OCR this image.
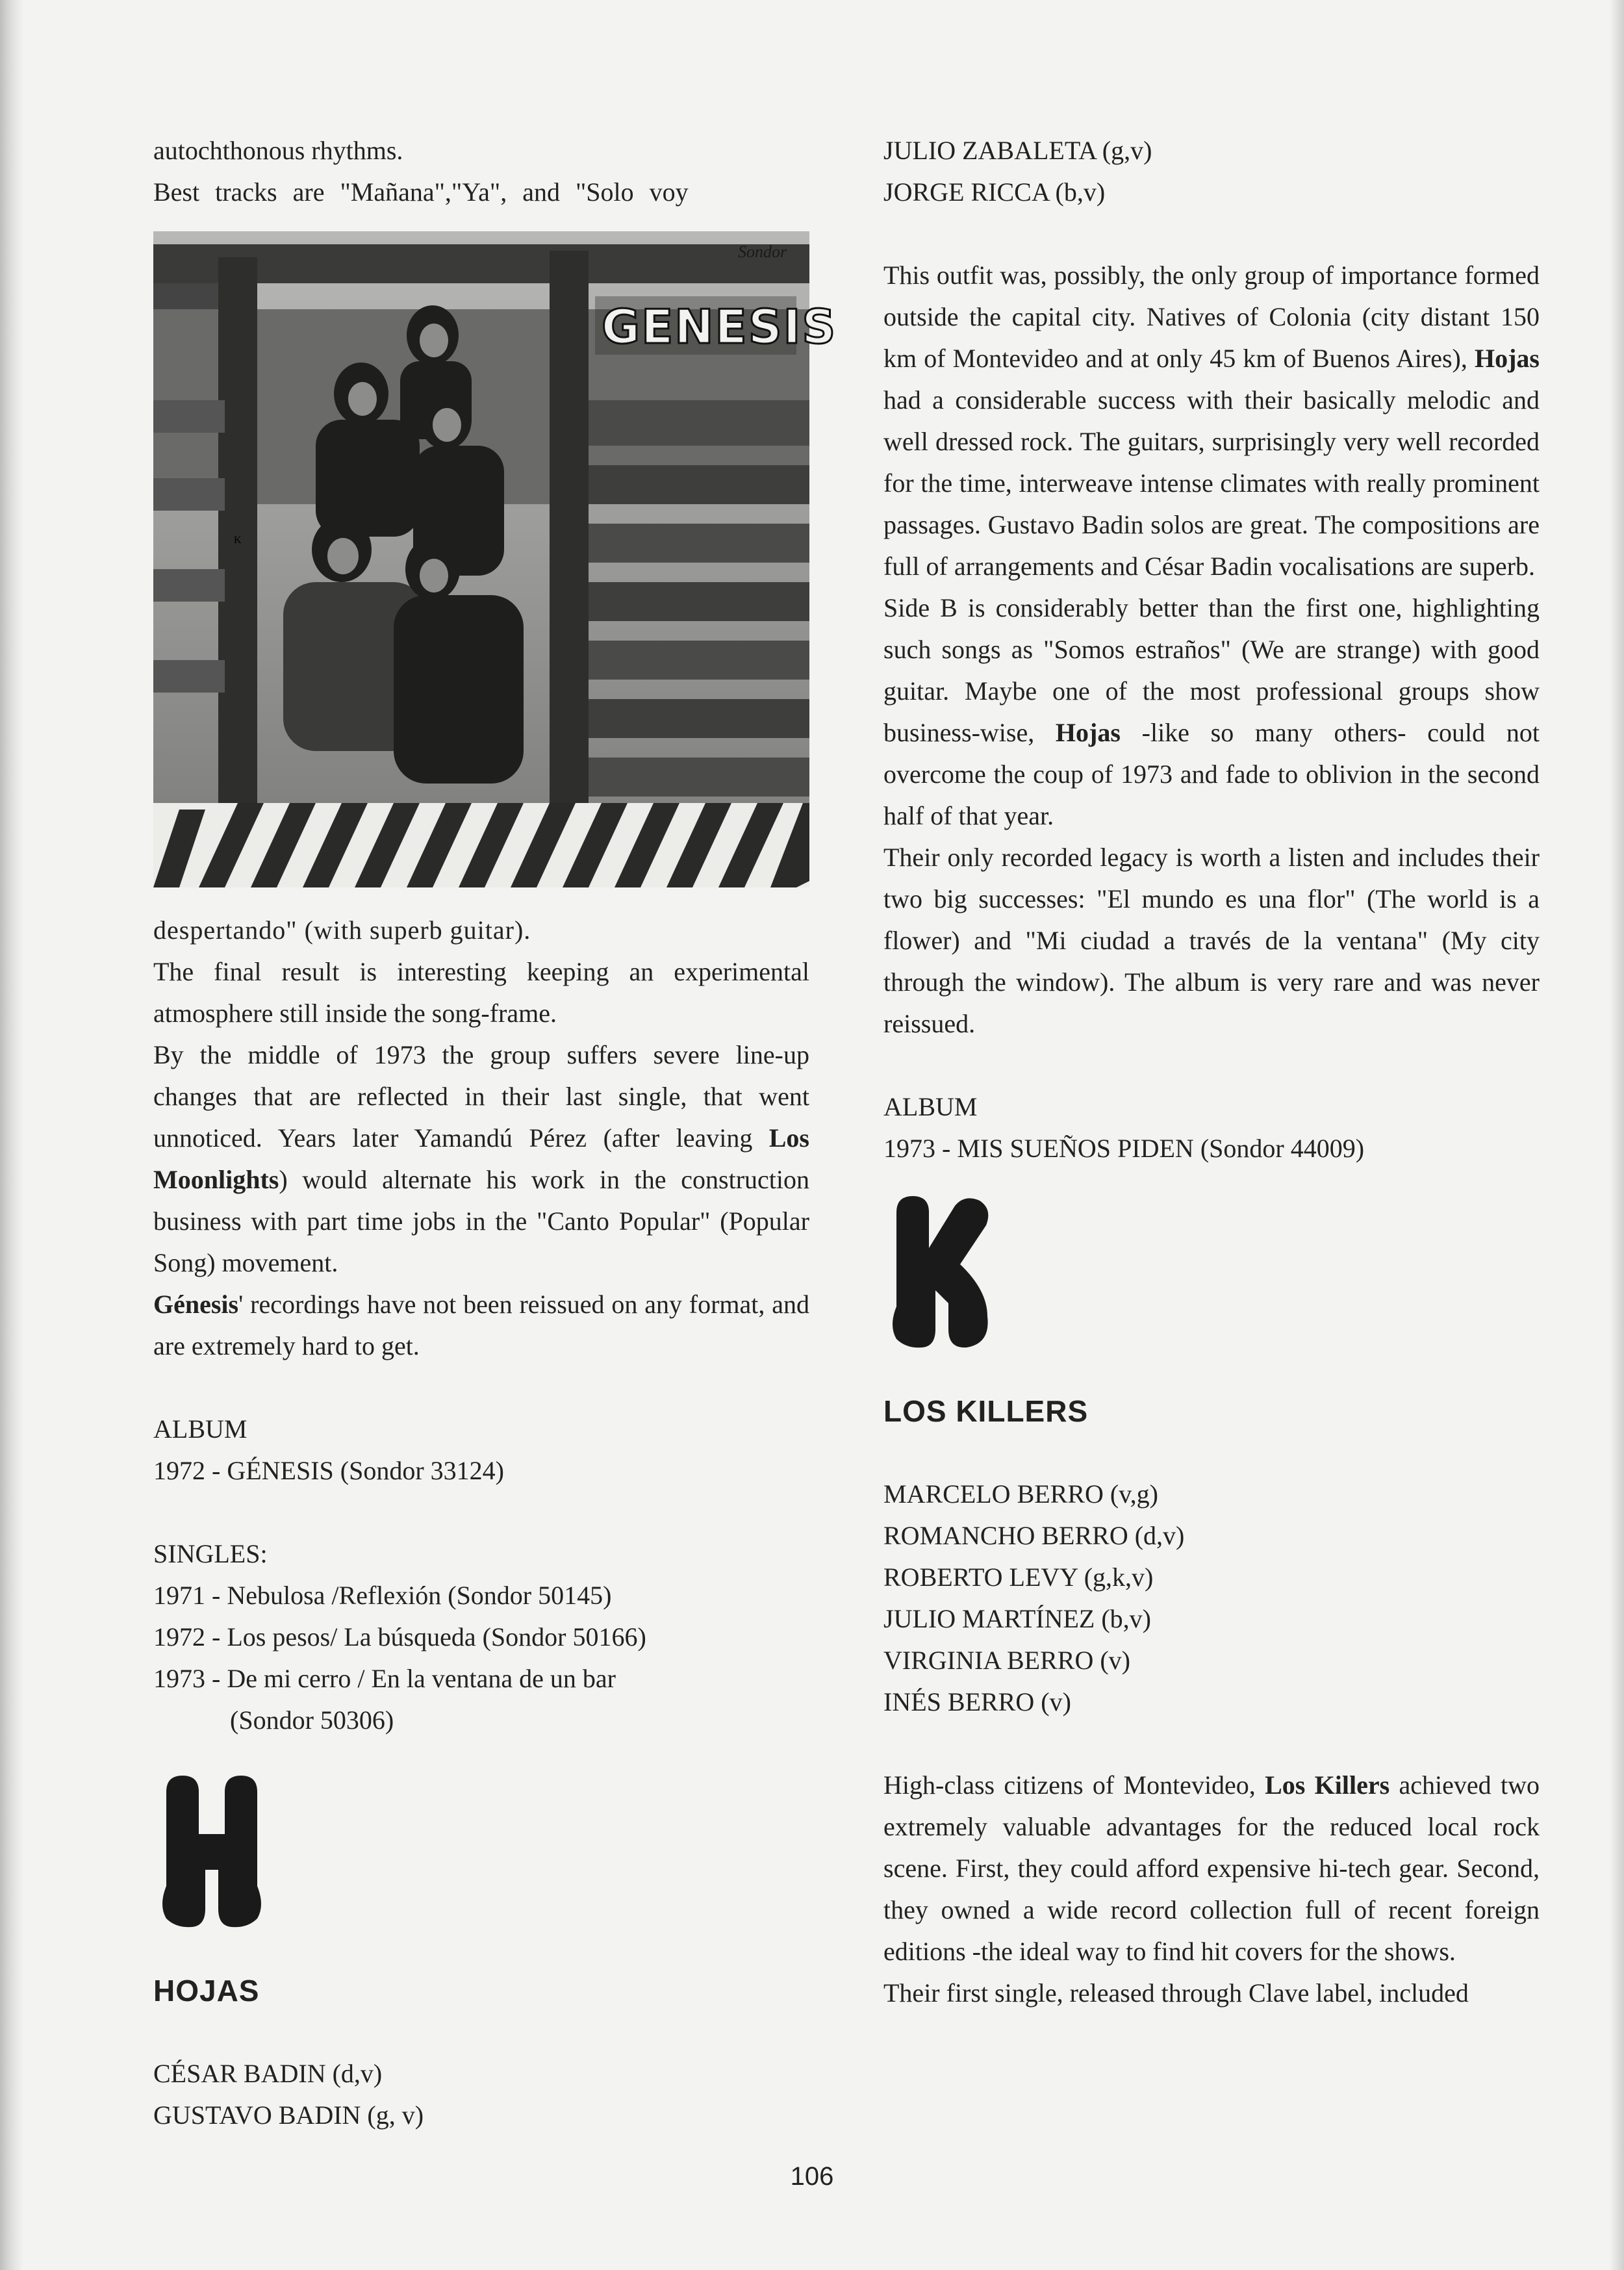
autochthonous rhythms.
Best tracks are "Mañana","Ya", and "Solo voy
Sondor
GENESIS
despertando" (with superb guitar).

The final result is interesting keeping an experimental atmosphere still inside the song-frame.

By the middle of 1973 the group suffers severe line-up changes that are reflected in their last single, that went unnoticed. Years later Yamandú Pérez (after leaving Los Moonlights) would alternate his work in the construction business with part time jobs in the "Canto Popular" (Popular Song) movement.

Génesis' recordings have not been reissued on any format, and are extremely hard to get.

ALBUM
1972 - GÉNESIS (Sondor 33124)
SINGLES:
1971 - Nebulosa /Reflexión (Sondor 50145)
1972 - Los pesos/ La búsqueda (Sondor 50166)
1973 - De mi cerro / En la ventana de un bar
(Sondor 50306)
HOJAS
CÉSAR BADIN (d,v)
GUSTAVO BADIN (g, v)
JULIO ZABALETA (g,v)
JORGE RICCA (b,v)

This outfit was, possibly, the only group of importance formed outside the capital city. Natives of Colonia (city distant 150 km of Montevideo and at only 45 km of Buenos Aires), Hojas had a considerable success with their basically melodic and well dressed rock. The guitars, surprisingly very well recorded for the time, interweave intense climates with really prominent passages. Gustavo Badin solos are great. The compositions are full of arrangements and César Badin vocalisations are superb.

Side B is considerably better than the first one, highlighting such songs as "Somos estraños" (We are strange) with good guitar. Maybe one of the most professional groups show business-wise, Hojas -like so many others- could not overcome the coup of 1973 and fade to oblivion in the second half of that year.

Their only recorded legacy is worth a listen and includes their two big successes: "El mundo es una flor" (The world is a flower) and "Mi ciudad a través de la ventana" (My city through the window). The album is very rare and was never reissued.

ALBUM
1973 - MIS SUEÑOS PIDEN (Sondor 44009)
K
LOS KILLERS
MARCELO BERRO (v,g)
ROMANCHO BERRO (d,v)
ROBERTO LEVY (g,k,v)
JULIO MARTÍNEZ (b,v)
VIRGINIA BERRO (v)
INÉS BERRO (v)

High-class citizens of Montevideo, Los Killers achieved two extremely valuable advantages for the reduced local rock scene. First, they could afford expensive hi-tech gear. Second, they owned a wide record collection full of recent foreign editions -the ideal way to find hit covers for the shows.

Their first single, released through Clave label, included

106
